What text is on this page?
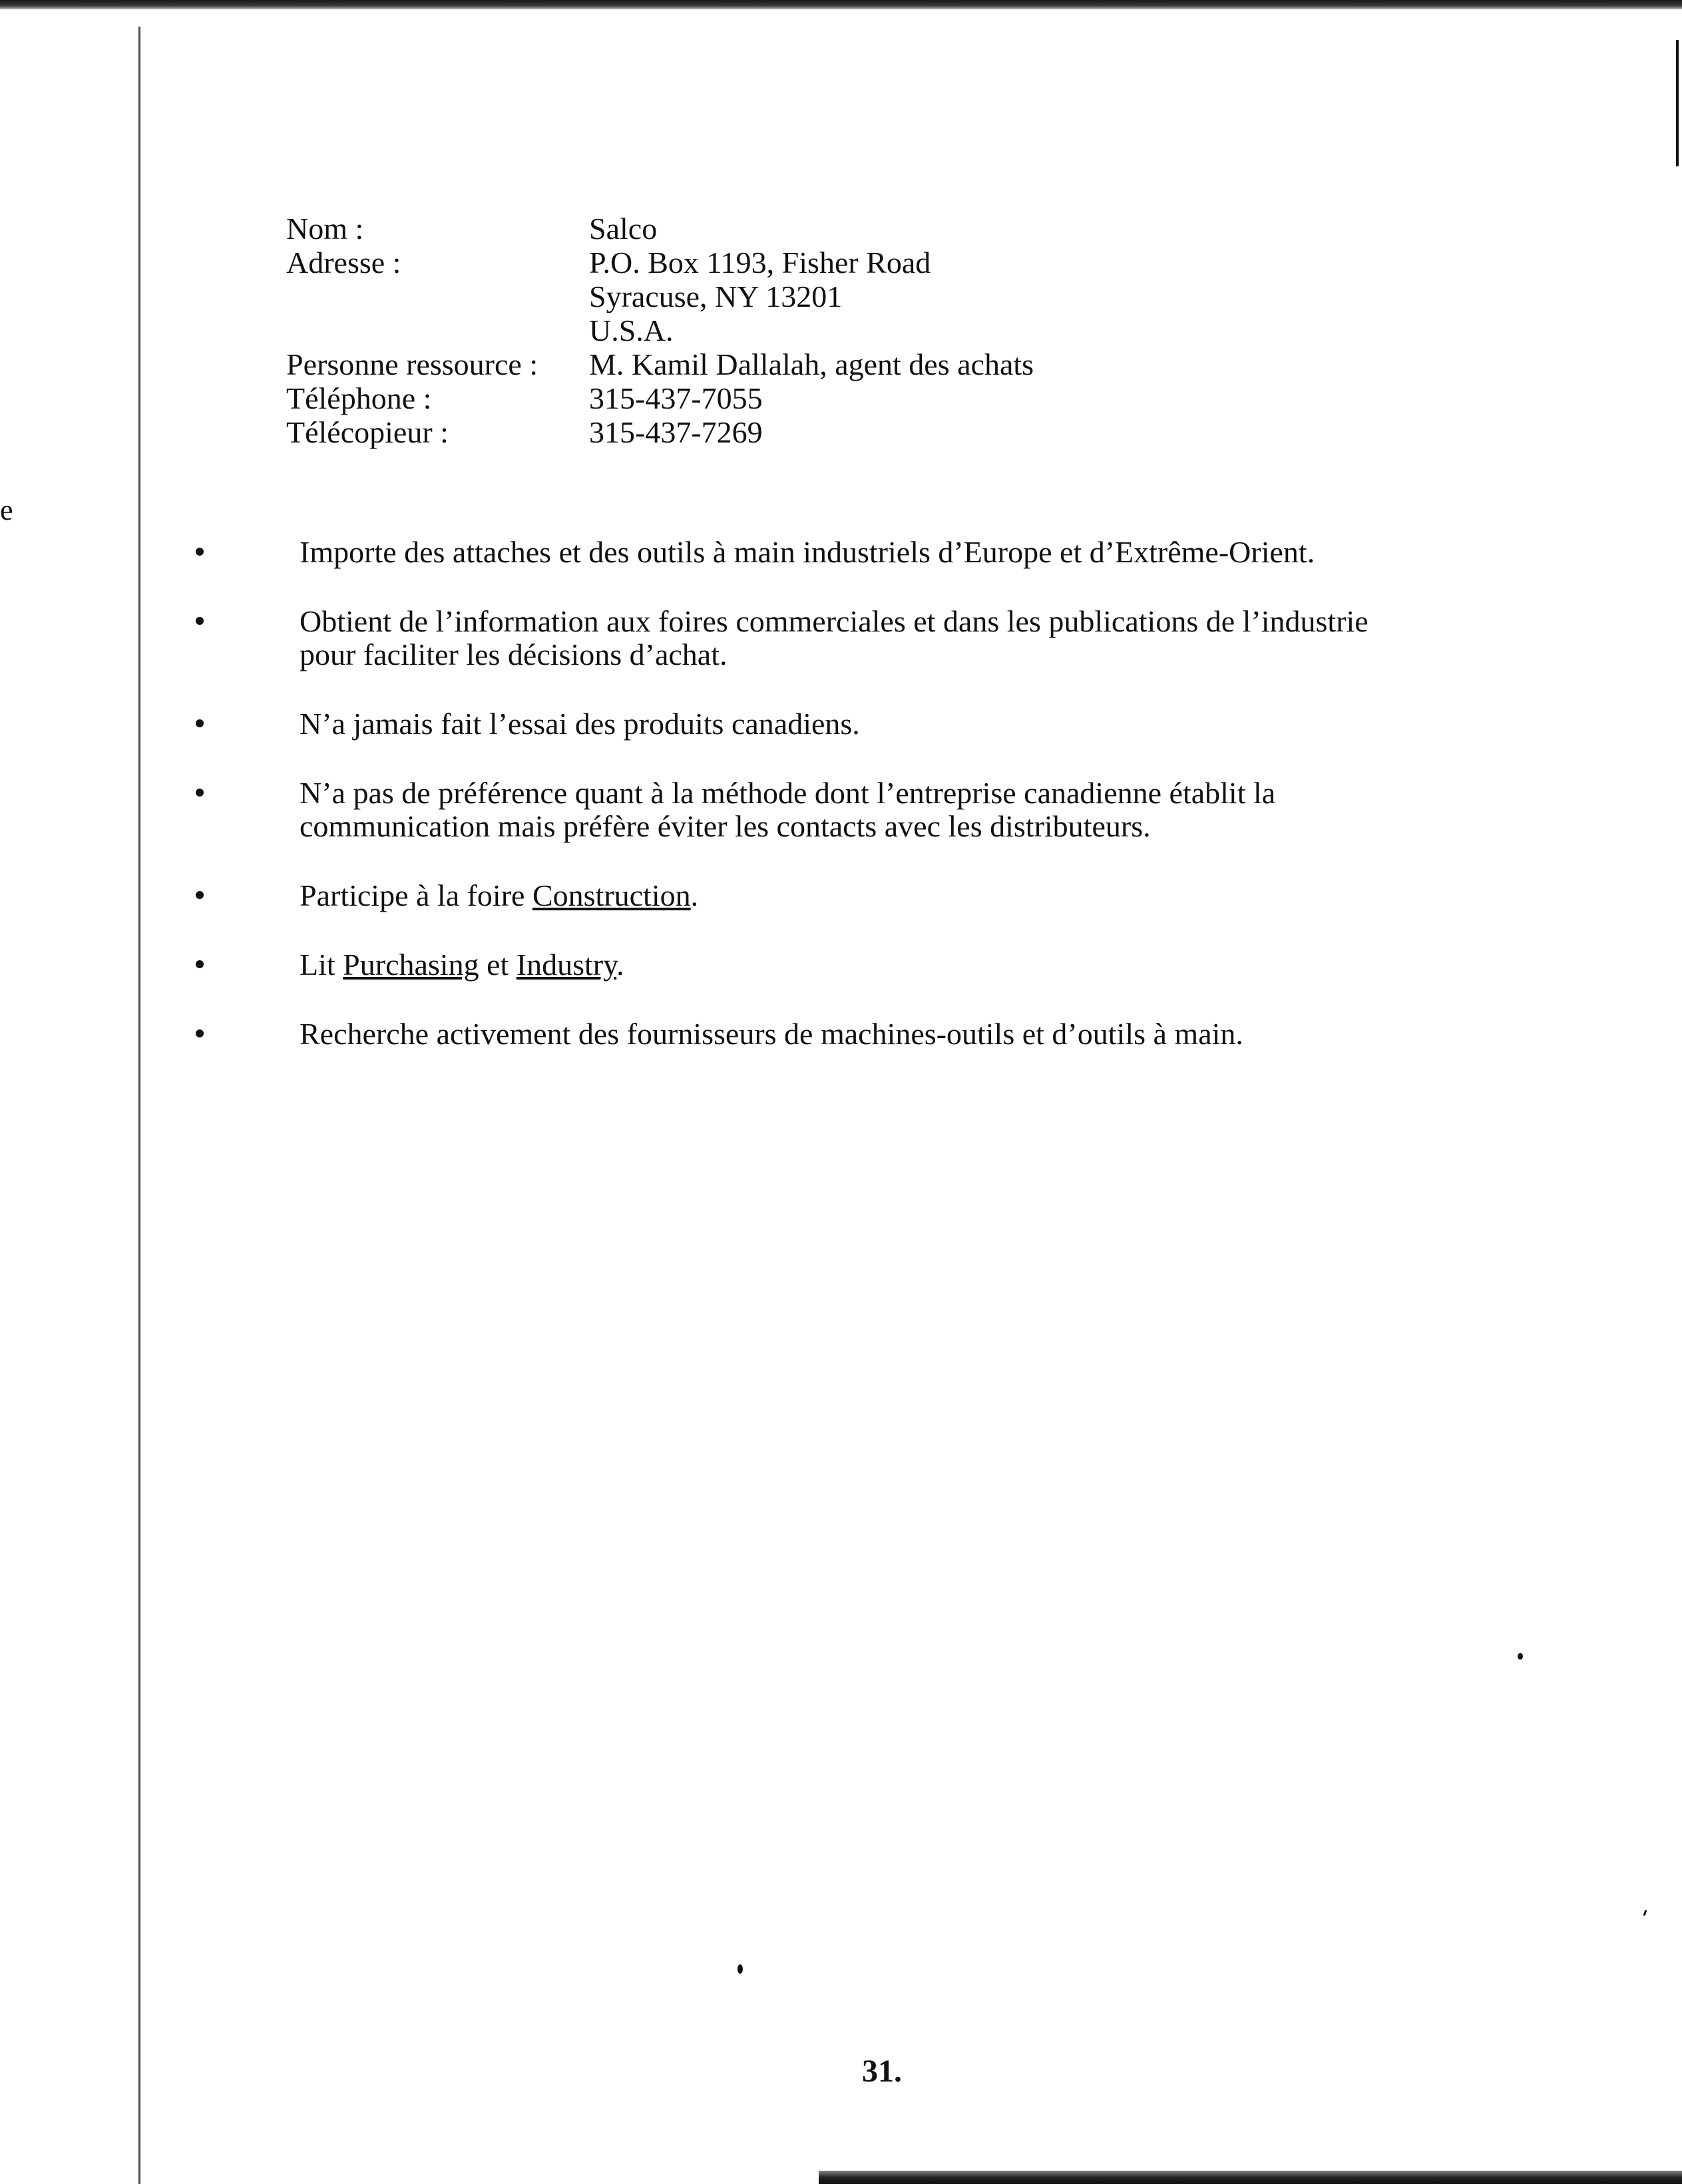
e
Nom :	Salco
Adresse :	P.O. Box 1193, Fisher Road
Syracuse, NY 13201
U.S.A.
Personne ressource : M. Kamil Dallalah, agent des achats
Téléphone :	315-437-7055
Télécopieur :	315-437-7269
Importe des attaches et des outils à main industriels d’Europe et d’Extrême-Orient.
Obtient de l’information aux foires commerciales et dans les publications de l’industrie
pour faciliter les décisions d’achat.
N’a jamais fait l’essai des produits canadiens.
N’a pas de préférence quant à la méthode dont l’entreprise canadienne établit la
communication mais préfère éviter les contacts avec les distributeurs.
Participe à la foire Construction.
Lit Purchasing et Industry.
Recherche activement des fournisseurs de machines-outils et d’outils à main.
31.
